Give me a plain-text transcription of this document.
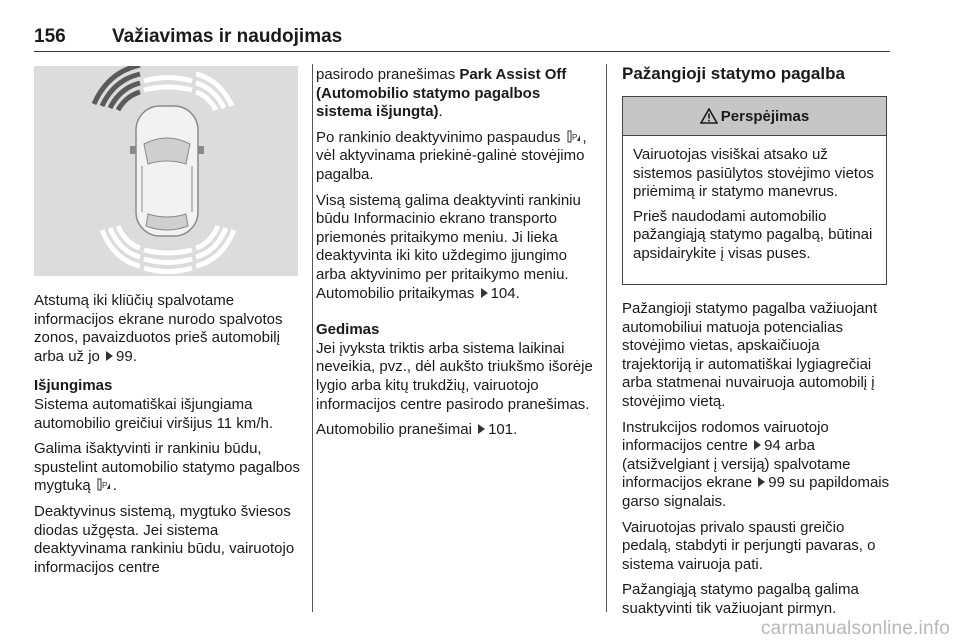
156	Važiavimas ir naudojimas

Atstumą iki kliūčių spalvotame informacijos ekrane nurodo spalvotos zonos, pavaizduotos prieš automobilį arba už jo 99.

Išjungimas
Sistema automatiškai išjungiama automobilio greičiui viršijus 11 km/h.

Galima išaktyvinti ir rankiniu būdu, spustelint automobilio statymo pagalbos mygtuką P .

Deaktyvinus sistemą, mygtuko šviesos diodas užgęsta. Jei sistema deaktyvinama rankiniu būdu, vairuotojo informacijos centre

pasirodo pranešimas Park Assist Off (Automobilio statymo pagalbos sistema išjungta).

Po rankinio deaktyvinimo paspaudus P , vėl aktyvinama priekinė-galinė stovėjimo pagalba.

Visą sistemą galima deaktyvinti rankiniu būdu Informacinio ekrano transporto priemonės pritaikymo meniu. Ji lieka deaktyvinta iki kito uždegimo įjungimo arba aktyvinimo per pritaikymo meniu. Automobilio pritaikymas 104.

Gedimas
Jei įvyksta triktis arba sistema laikinai neveikia, pvz., dėl aukšto triukšmo išorėje lygio arba kitų trukdžių, vairuotojo informacijos centre pasirodo pranešimas.

Automobilio pranešimai 101.

Pažangioji statymo pagalba
Perspėjimas

Vairuotojas visiškai atsako už sistemos pasiūlytos stovėjimo vietos priėmimą ir statymo manevrus.

Prieš naudodami automobilio pažangiąją statymo pagalbą, būtinai apsidairykite į visas puses.

Pažangioji statymo pagalba važiuojant automobiliui matuoja potencialias stovėjimo vietas, apskaičiuoja trajektoriją ir automatiškai lygiagrečiai arba statmenai nuvairuoja automobilį į stovėjimo vietą.

Instrukcijos rodomos vairuotojo informacijos centre 94 arba (atsižvelgiant į versiją) spalvotame informacijos ekrane 99 su papildomais garso signalais.

Vairuotojas privalo spausti greičio pedalą, stabdyti ir perjungti pavaras, o sistema vairuoja pati.

Pažangiąją statymo pagalbą galima suaktyvinti tik važiuojant pirmyn.

carmanualsonline.info
